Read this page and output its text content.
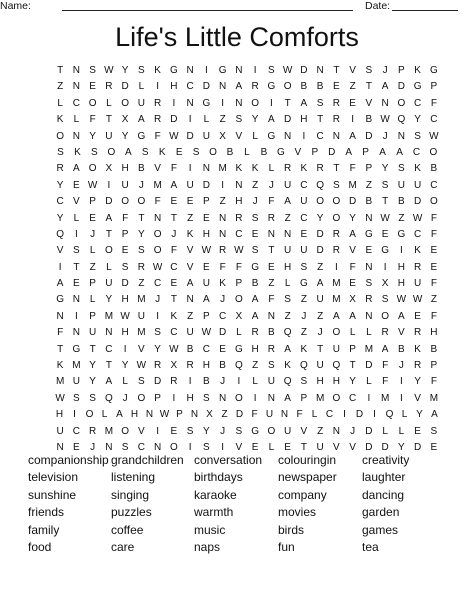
Name:	Date:
Life's Little Comforts
T N S W Y S K G N	I	G N	I	S W D N T V S	J	P K G
Z N E R D L	I	H C D N A R G O B B E Z	T A D G P
L C O L O U R	I	N G	I	N O	I	T A S R E V N O C F
K	L	F	T X A R D	I	L	Z S Y A D H T R	I	B W Q Y C
O N Y U Y G F W D U X V	L G N	I	C N A D	J	N S W
S	K	S O A	S	K	E	S O B	L	B G V	P	D	A	P	A	A	C O
R A O X H B V F	I	N M K K	L R K R T	F P Y S K B
Y E W	I	U	J M A U D	I	N Z	J	U C Q S M Z S U U C
C V P D O O F E E P Z H	J	F A U O O D B T B D O
Y	L	E A F	T N T	Z E N R S R Z C Y O Y N W Z W F
Q	I	J	T P Y O J	K H N C E N N E D R A G E G C F
V S	L O E S O F V W R W S T U U D R V E G	I	K E
I	T	Z	L	S R W C V E F	F G E H S Z	I	F N	I	H R E
A E P U D Z C E A U K P B Z	L G A M E S X H U F
G N L	Y H M J	T N A	J O A F S Z U M X R S W W Z
N	I	P M W U	I	K Z P C X A N Z	J	Z A A N O A E F
F N U N H M S C U W D L R B Q Z	J O L	L R V R H
T G T C	I	V Y W B C E G H R A K T U P M A B K B
K M Y T Y W R X R H B Q Z S K Q U Q T D F	J	R P
M U Y A	L	S D R	I	B	J	I	L U Q S H H Y	L	F	I	Y F
W S S Q J O P	I	H S N O	I	N A P M O C	I	M	I	V M
H	I O L A H N W P N X Z D F U N F L C	I D	I Q L Y A
U C R M O V	I	E S Y	J	S G O U V Z N	J	D L	L	E S
N E	J	N S C N O	I	S	I	V E	L	E T U V V D D Y D E
companionship grandchildren conversation	colouringin	creativity
television	listening	birthdays	newspaper	laughter
sunshine	singing	karaoke	company	dancing
friends	puzzles	warmth	movies	garden
family	coffee	music	birds	games
food	care	naps	fun	tea
